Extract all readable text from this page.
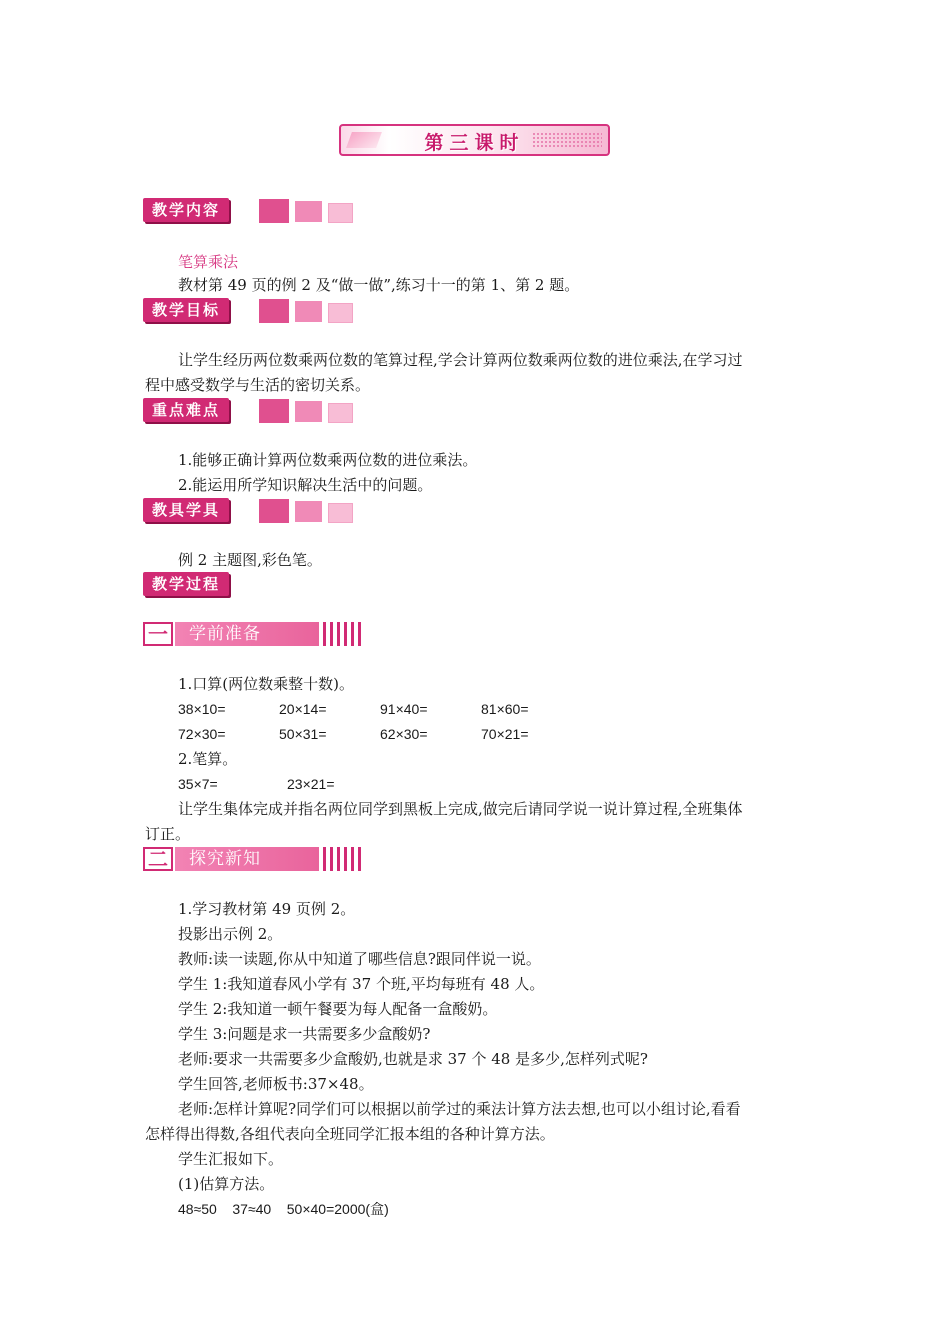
第三课时
教学内容
笔算乘法
教材第 49 页的例 2 及“做一做”,练习十一的第 1、第 2 题。
教学目标
让学生经历两位数乘两位数的笔算过程,学会计算两位数乘两位数的进位乘法,在学习过
程中感受数学与生活的密切关系。
重点难点
1.能够正确计算两位数乘两位数的进位乘法。
2.能运用所学知识解决生活中的问题。
教具学具
例 2 主题图,彩色笔。
教学过程
一	学前准备
1.口算(两位数乘整十数)。
38×10=	20×14=	91×40=	81×60=
72×30=	50×31=	62×30=	70×21=
2.笔算。
35×7=	23×21=
让学生集体完成并指名两位同学到黑板上完成,做完后请同学说一说计算过程,全班集体
订正。
二	探究新知
1.学习教材第 49 页例 2。
投影出示例 2。
教师:读一读题,你从中知道了哪些信息?跟同伴说一说。
学生 1:我知道春风小学有 37 个班,平均每班有 48 人。
学生 2:我知道一顿午餐要为每人配备一盒酸奶。
学生 3:问题是求一共需要多少盒酸奶?
老师:要求一共需要多少盒酸奶,也就是求 37 个 48 是多少,怎样列式呢?
学生回答,老师板书:37×48。
老师:怎样计算呢?同学们可以根据以前学过的乘法计算方法去想,也可以小组讨论,看看
怎样得出得数,各组代表向全班同学汇报本组的各种计算方法。
学生汇报如下。
(1)估算方法。
48≈50    37≈40    50×40=2000(盒)
